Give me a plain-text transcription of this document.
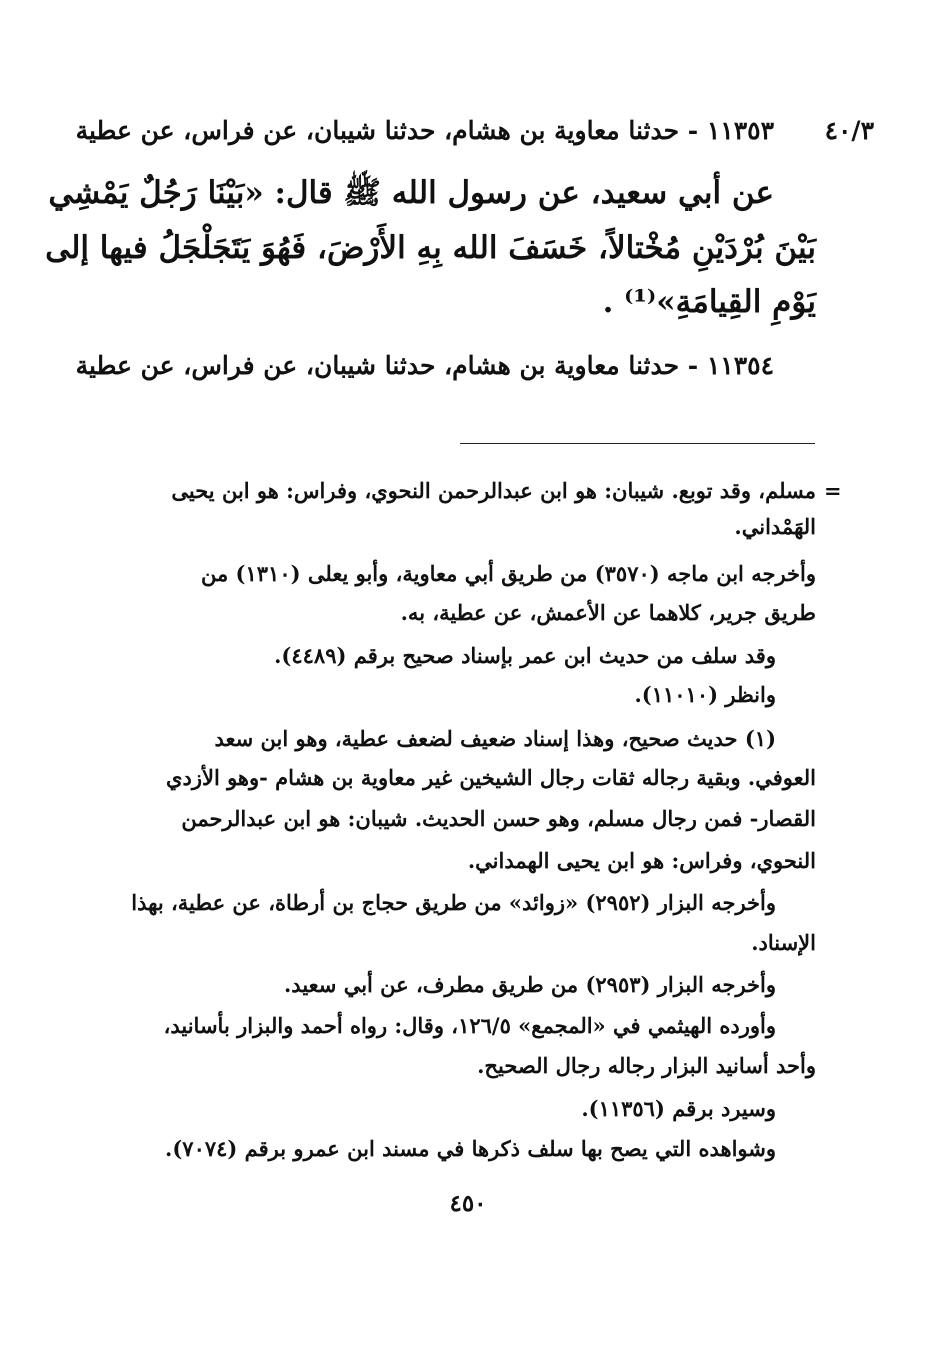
٤٠/٣
١١٣٥٣ - حدثنا معاوية بن هشام، حدثنا شيبان، عن فراس، عن عطية
عن أبي سعيد، عن رسول الله ﷺ قال: «بَيْنَا رَجُلٌ يَمْشِي
بَيْنَ بُرْدَيْنِ مُخْتالاً، خَسَفَ الله بِهِ الأَرْضَ، فَهُوَ يَتَجَلْجَلُ فيها إلى
يَوْمِ القِيامَةِ»⁽¹⁾ .
١١٣٥٤ - حدثنا معاوية بن هشام، حدثنا شيبان، عن فراس، عن عطية
=
مسلم، وقد توبع. شيبان: هو ابن عبدالرحمن النحوي، وفراس: هو ابن يحيى
الهَمْداني.
وأخرجه ابن ماجه (٣٥٧٠) من طريق أبي معاوية، وأبو يعلى (١٣١٠) من
طريق جرير، كلاهما عن الأعمش، عن عطية، به.
وقد سلف من حديث ابن عمر بإسناد صحيح برقم (٤٤٨٩).
وانظر (١١٠١٠).
(١) حديث صحيح، وهذا إسناد ضعيف لضعف عطية، وهو ابن سعد
العوفي. وبقية رجاله ثقات رجال الشيخين غير معاوية بن هشام -وهو الأزدي
القصار- فمن رجال مسلم، وهو حسن الحديث. شيبان: هو ابن عبدالرحمن
النحوي، وفراس: هو ابن يحيى الهمداني.
وأخرجه البزار (٢٩٥٢) «زوائد» من طريق حجاج بن أرطاة، عن عطية، بهذا
الإسناد.
وأخرجه البزار (٢٩٥٣) من طريق مطرف، عن أبي سعيد.
وأورده الهيثمي في «المجمع» ١٢٦/٥، وقال: رواه أحمد والبزار بأسانيد،
وأحد أسانيد البزار رجاله رجال الصحيح.
وسيرد برقم (١١٣٥٦).
وشواهده التي يصح بها سلف ذكرها في مسند ابن عمرو برقم (٧٠٧٤).
٤٥٠
